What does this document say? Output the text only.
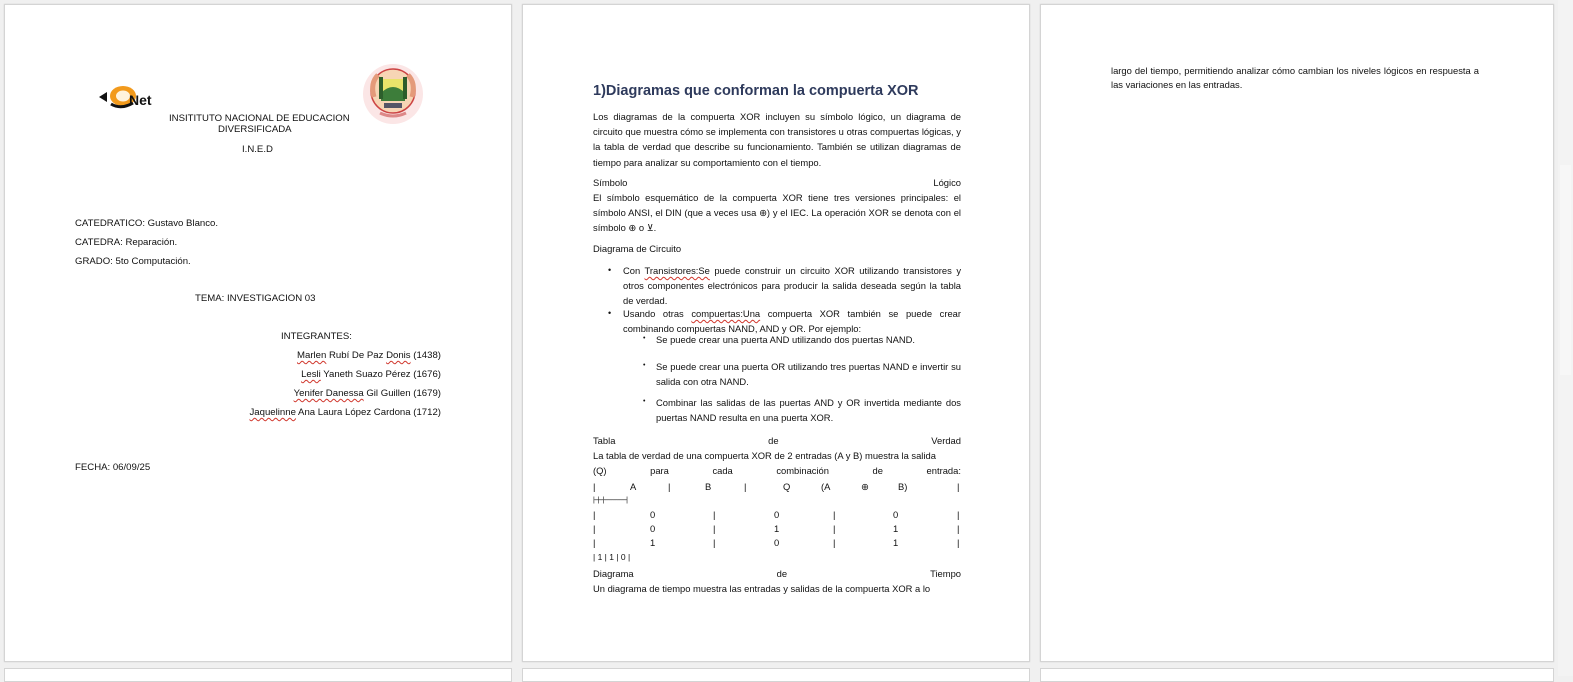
Net
INSITITUTO NACIONAL DE EDUCACION
DIVERSIFICADA
I.N.E.D
CATEDRATICO: Gustavo Blanco.
CATEDRA: Reparación.
GRADO: 5to Computación.
TEMA: INVESTIGACION 03
INTEGRANTES:
Marlen Rubí De Paz Donis (1438)
Lesli Yaneth Suazo Pérez (1676)
Yenifer Danessa Gil Guillen (1679)
Jaquelinne Ana Laura López Cardona (1712)
FECHA: 06/09/25
1)Diagramas que conforman la compuerta XOR
Los diagramas de la compuerta XOR incluyen su símbolo lógico, un diagrama de circuito que muestra cómo se implementa con transistores u otras compuertas lógicas, y la tabla de verdad que describe su funcionamiento. También se utilizan diagramas de tiempo para analizar su comportamiento con el tiempo.
Símbolo	Lógico
El símbolo esquemático de la compuerta XOR tiene tres versiones principales: el símbolo ANSI, el DIN (que a veces usa ⊕) y el IEC. La operación XOR se denota con el símbolo ⊕ o ⊻.
Diagrama de Circuito
• Con Transistores:Se puede construir un circuito XOR utilizando transistores y otros componentes electrónicos para producir la salida deseada según la tabla de verdad.
• Usando otras compuertas:Una compuerta XOR también se puede crear combinando compuertas NAND, AND y OR. Por ejemplo:
• Se puede crear una puerta AND utilizando dos puertas NAND.
• Se puede crear una puerta OR utilizando tres puertas NAND e invertir su salida con otra NAND.
• Combinar las salidas de las puertas AND y OR invertida mediante dos puertas NAND resulta en una puerta XOR.
Tabla	de	Verdad
La tabla de verdad de una compuerta XOR de 2 entradas (A y B) muestra la salida
(Q)	para	cada	combinación	de	entrada:
|	A	|	B	|	Q	(A	⊕	B)	|
|---|---|-----------------|
|	0	|	0	|	0	|
|	0	|	1	|	1	|
|	1	|	0	|	1	|
| 1 | 1 | 0 |
Diagrama	de	Tiempo
Un diagrama de tiempo muestra las entradas y salidas de la compuerta XOR a lo
largo del tiempo, permitiendo analizar cómo cambian los niveles lógicos en respuesta a las variaciones en las entradas.
